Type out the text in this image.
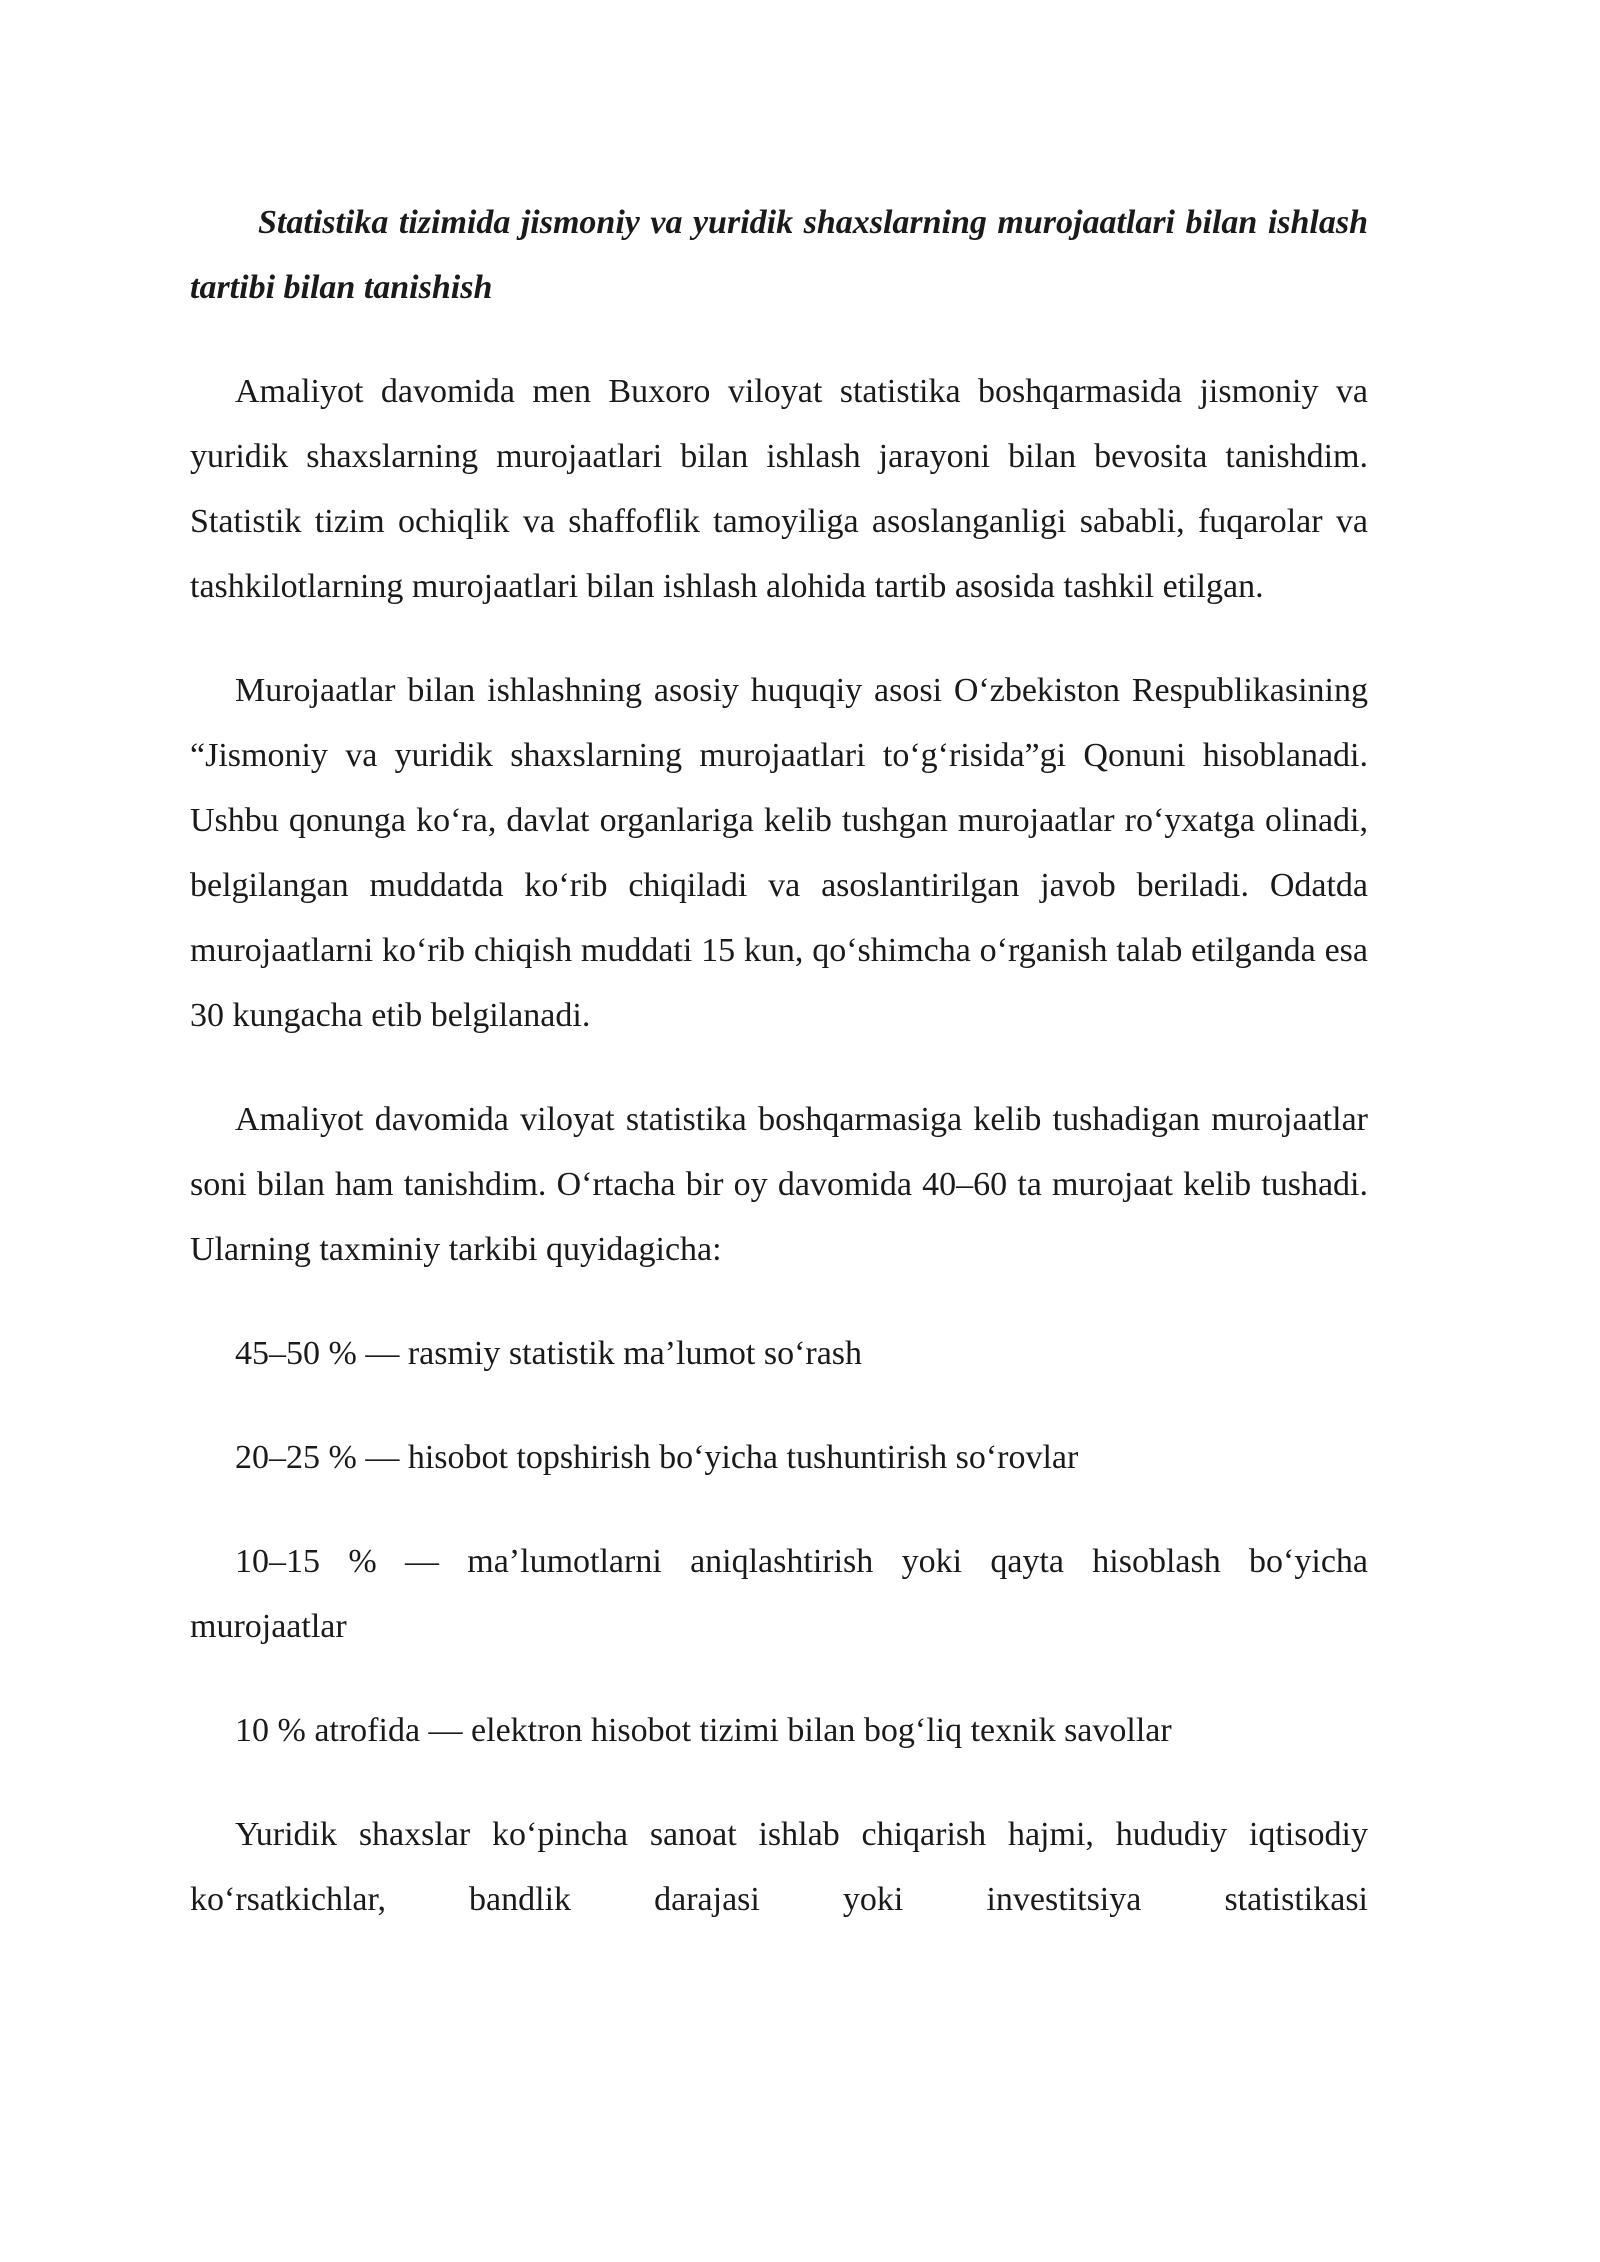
Statistika tizimida jismoniy va yuridik shaxslarning murojaatlari bilan ishlash tartibi bilan tanishish

Amaliyot davomida men Buxoro viloyat statistika boshqarmasida jismoniy va yuridik shaxslarning murojaatlari bilan ishlash jarayoni bilan bevosita tanishdim. Statistik tizim ochiqlik va shaffoflik tamoyiliga asoslanganligi sababli, fuqarolar va tashkilotlarning murojaatlari bilan ishlash alohida tartib asosida tashkil etilgan.

Murojaatlar bilan ishlashning asosiy huquqiy asosi O‘zbekiston Respublikasining “Jismoniy va yuridik shaxslarning murojaatlari to‘g‘risida”gi Qonuni hisoblanadi. Ushbu qonunga ko‘ra, davlat organlariga kelib tushgan murojaatlar ro‘yxatga olinadi, belgilangan muddatda ko‘rib chiqiladi va asoslantirilgan javob beriladi. Odatda murojaatlarni ko‘rib chiqish muddati 15 kun, qo‘shimcha o‘rganish talab etilganda esa 30 kungacha etib belgilanadi.

Amaliyot davomida viloyat statistika boshqarmasiga kelib tushadigan murojaatlar soni bilan ham tanishdim. O‘rtacha bir oy davomida 40–60 ta murojaat kelib tushadi. Ularning taxminiy tarkibi quyidagicha:

45–50 % — rasmiy statistik ma’lumot so‘rash

20–25 % — hisobot topshirish bo‘yicha tushuntirish so‘rovlar

10–15 % — ma’lumotlarni aniqlashtirish yoki qayta hisoblash bo‘yicha murojaatlar

10 % atrofida — elektron hisobot tizimi bilan bog‘liq texnik savollar

Yuridik shaxslar ko‘pincha sanoat ishlab chiqarish hajmi, hududiy iqtisodiy ko‘rsatkichlar, bandlik darajasi yoki investitsiya statistikasi
